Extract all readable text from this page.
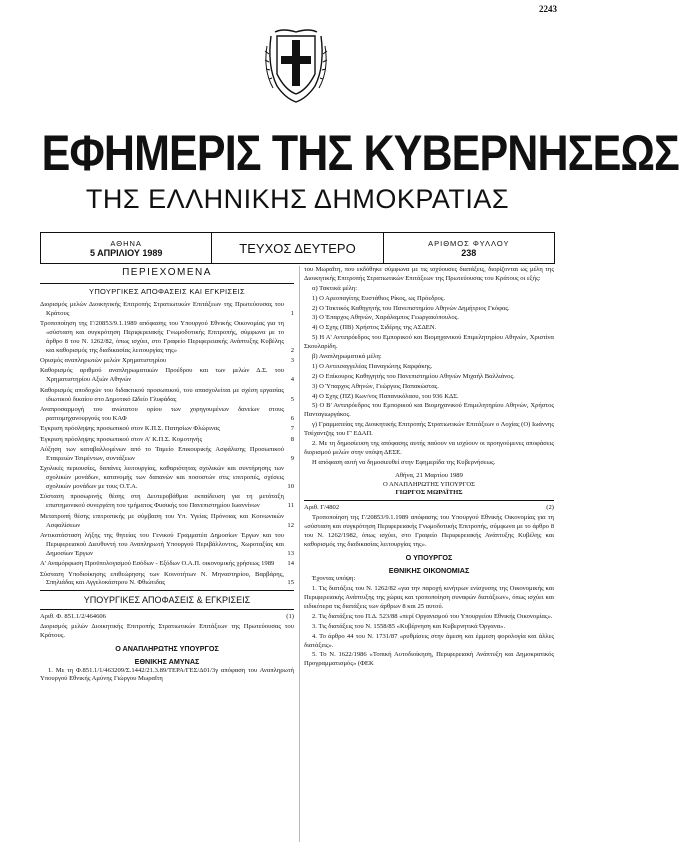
2243
ΕΦΗΜΕΡΙΣ ΤΗΣ ΚΥΒΕΡΝΗΣΕΩΣ
ΤΗΣ ΕΛΛΗΝΙΚΗΣ ΔΗΜΟΚΡΑΤΙΑΣ
ΑΘΗΝΑ
5 ΑΠΡΙΛΙΟΥ 1989	ΤΕΥΧΟΣ ΔΕΥΤΕΡΟ	ΑΡΙΘΜΟΣ ΦΥΛΛΟΥ
238
ΠΕΡΙΕΧΟΜΕΝΑ
ΥΠΟΥΡΓΙΚΕΣ ΑΠΟΦΑΣΕΙΣ ΚΑΙ ΕΓΚΡΙΣΕΙΣ
Διορισμός μελών Διοικητικής Επιτροπής Στρατιωτικών Επιτάξεων της Πρωτεύουσας του Κράτους	1
Τροποποίηση της Γ/20853/9.1.1989 απόφασης του Υπουργού Εθνικής Οικονομίας για τη «σύσταση και συγκρότηση Περιφερειακής Γνωμοδοτικής Επιτροπής, σύμφωνα με το άρθρο 8 του Ν. 1262/82, όπως ισχύει, στο Γραφείο Περιφερειακής Ανάπτυξης Κυβέλης και καθορισμός της διαδικασίας λειτουργίας της»	2
Ορισμός αναπληρωτών μελών Χρηματιστηρίου	3
Καθορισμός αριθμού αναπληρωματικών Προέδρου και των μελών Δ.Σ. του Χρηματιστηρίου Αξιών Αθηνών	4
Καθορισμός αποδοχών του διδακτικού προσωπικού, του απασχολείται με σχέση εργασίας ιδιωτικού δικαίου στο Δημοτικό Ωδείο Γλυφάδας	5
Αναπροσαρμογή του ανώτατου ορίου των χορηγουμένων δανείων στους ραπτομηχανουργούς του ΚΑΦ	6
Έγκριση πρόσληψης προσωπικού στον Κ.Π.Σ. Πατησίων Φλώρινας	7
Έγκριση πρόσληψης προσωπικού στον Α' Κ.Π.Σ. Κομοτηνής	8
Αύξηση των καταβαλλομένων από το Ταμείο Επικουρικής Ασφάλισης Προσωπικού Εταιρειών Τσιμέντων, συντάξεων	9
Σχολικές περιουσίες, δαπάνες λειτουργίας, καθαριότητας σχολικών και συντήρησης των σχολικών μονάδων, κατανομής των δαπανών και ποσοστών στις επιτροπές, σχέσεις σχολικών μονάδων με τους Ο.Τ.Α.	10
Σύσταση προσωρινής θέσης στη Δευτεροβάθμια εκπαίδευση για τη μετάταξη επιστημονικού συνεργάτη του τμήματος Φυσικής του Πανεπιστημίου Ιωαννίνων	11
Μετατροπή θέσης επιτροπικής με σύμβαση του Υπ. Υγείας Πρόνοιας και Κοινωνικών Ασφαλίσεων	12
Αντικατάσταση λήξης της θητείας του Γενικού Γραμματέα Δημοσίων Έργων και του Περιφερειακού Διευθυντή του Αναπληρωτή Υπουργού Περιβάλλοντος, Χωροταξίας και Δημοσίων Έργων	13
Α' Αναμόρφωση Προϋπολογισμού Εσόδων - Εξόδων Ο.Α.Π. οικονομικής χρήσεως 1989	14
Σύσταση Υποδιοίκησης επιθεώρησης των Κοινοτήτων Ν. Μηναστηρίου, Βαρβάρης, Σπηλιάδας και Αγγελοκάστρου Ν. Φθιώτιδας	15
ΥΠΟΥΡΓΙΚΕΣ ΑΠΟΦΑΣΕΙΣ & ΕΓΚΡΙΣΕΙΣ
Αριθ. Φ. 851.1/2/464606	(1)

Διορισμός μελών Διοικητικής Επιτροπής Στρατιωτικών Επιτάξεων της Πρωτεύουσας του Κράτους.

Ο ΑΝΑΠΛΗΡΩΤΗΣ ΥΠΟΥΡΓΟΣ
ΕΘΝΙΚΗΣ ΑΜΥΝΑΣ

1. Με τη Φ.851.1/1/463209/Σ.1442/21.3.89/ΤΕΡΑ/ΓΕΣ/Δ01/3γ απόφαση του Αναπληρωτή Υπουργού Εθνικής Αμύνης Γιώργου Μωραΐτη

του Μωραΐτη, που εκδόθηκε σύμφωνα με τις ισχύουσες διατάξεις, διορίζονται ως μέλη της Διοικητικής Επιτροπής Στρατιωτικών Επιτάξεων της Πρωτεύουσας του Κράτους οι εξής:

α) Τακτικά μέλη:

1) Ο Αρεοπαγίτης Ευστάθιος Ρίκος, ως Πρόεδρος.

2) Ο Τακτικός Καθηγητής του Πανεπιστημίου Αθηνών Δημήτριος Γκόφας.

3) Ο Έπαρχος Αθηνών, Χαράλαμπος Γεωργακόπουλος.

4) Ο Σχης (ΠΒ) Χρήστος Σιδέρης της ΑΣΔΕΝ.

5) Η Α' Αντιπρόεδρος του Εμπορικού και Βιομηχανικού Επιμελητηρίου Αθηνών, Χριστίνα Σκουλαρίδη.

β) Αναπληρωματικά μέλη:

1) Ο Αντεισαγγελέας Παναγιώτης Καρφάκης.

2) Ο Επίκουρος Καθηγητής του Πανεπιστημίου Αθηνών Μιχαήλ Βαλλιάνος.

3) Ο Ύπαρχος Αθηνών, Γεώργιος Παπακώστας.

4) Ο Σχης (ΠΖ) Κων/νος Παπανικόλαου, του 936 ΚΔΣ.

5) Ο Β' Αντιπρόεδρος του Εμπορικού και Βιομηχανικού Επιμελητηρίου Αθηνών, Χρήστος Πανταγιωργάκος.

γ) Γραμματείας της Διοικητικής Επιτροπής Στρατιωτικών Επιτάξεων ο Λοχίας (Ο) Ιωάννης Τσέχαντζης του Γ' ΕΔΑΠ.

2. Με τη δημοσίευση της απόφασης αυτής παύουν να ισχύουν οι προηγούμενες αποφάσεις διορισμού μελών στην υπόψη ΔΕΣΕ.

Η απόφαση αυτή να δημοσιευθεί στην Εφημερίδα της Κυβερνήσεως.

Αθήνα, 21 Μαρτίου 1989
Ο ΑΝΑΠΛΗΡΩΤΗΣ ΥΠΟΥΡΓΟΣ
ΓΙΩΡΓΟΣ ΜΩΡΑΪΤΗΣ
Αριθ. Γ/4802	(2)

Τροποποίηση της Γ/20853/9.1.1989 απόφασης του Υπουργού Εθνικής Οικονομίας για τη «σύσταση και συγκρότηση Περιφερειακής Γνωμοδοτικής Επιτροπής, σύμφωνα με το άρθρο 8 του Ν. 1262/1982, όπως ισχύει, στο Γραφείο Περιφερειακής Ανάπτυξης Κυβέλης και καθορισμός της διαδικασίας λειτουργίας της».

Ο ΥΠΟΥΡΓΟΣ
ΕΘΝΙΚΗΣ ΟΙΚΟΝΟΜΙΑΣ

Έχοντας υπόψη:

1. Τις διατάξεις του Ν. 1262/82 «για την παροχή κινήτρων ενίσχυσης της Οικονομικής και Περιφερειακής Ανάπτυξης της χώρας και τροποποίηση συναφών διατάξεων», όπως ισχύει και ειδικότερα τις διατάξεις των άρθρων 8 και 25 αυτού.

2. Τις διατάξεις του Π.Δ. 523/88 «περί Οργανισμού του Υπουργείου Εθνικής Οικονομίας».

3. Τις διατάξεις του Ν. 1558/85 «Κυβέρνηση και Κυβερνητικά Όργανα».

4. Το άρθρο 44 του Ν. 1731/87 «ρυθμίσεις στην άμεση και έμμεση φορολογία και άλλες διατάξεις».

5. Το Ν. 1622/1986 «Τοπική Αυτοδιοίκηση, Περιφερειακή Ανάπτυξη και Δημοκρατικός Προγραμματισμός» (ΦΕΚ
